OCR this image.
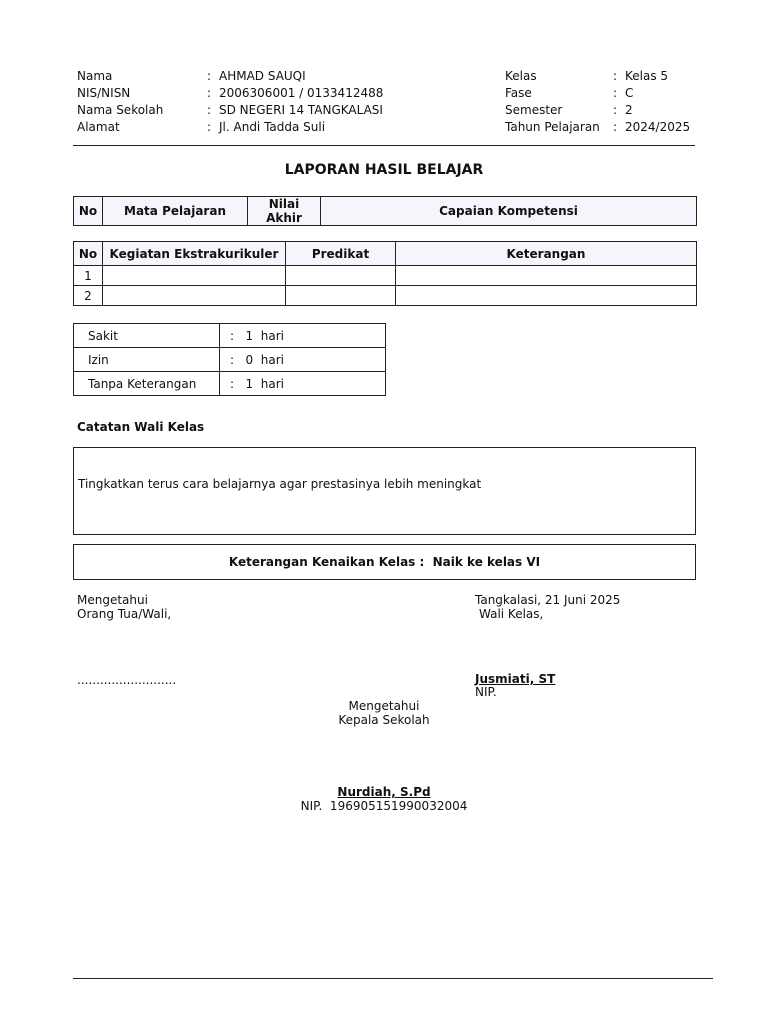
Nama	: AHMAD SAUQI
NIS/NISN	: 2006306001 / 0133412488
Nama Sekolah	: SD NEGERI 14 TANGKALASI
Alamat	: Jl. Andi Tadda Suli
Kelas	: Kelas 5
Fase	: C
Semester	: 2
Tahun Pelajaran : 2024/2025
LAPORAN HASIL BELAJAR
No	Mata Pelajaran	Nilai Akhir	Capaian Kompetensi
No	Kegiatan Ekstrakurikuler	Predikat	Keterangan
1			
2			
Sakit	:   1  hari
Izin	:   0  hari
Tanpa Keterangan	:   1  hari
Catatan Wali Kelas
Tingkatkan terus cara belajarnya agar prestasinya lebih meningkat
Keterangan Kenaikan Kelas :  Naik ke kelas VI
Mengetahui
Orang Tua/Wali,
..........................
Tangkalasi, 21 Juni 2025
Wali Kelas,
Jusmiati, ST
NIP.
Mengetahui
Kepala Sekolah
Nurdiah, S.Pd
NIP.  196905151990032004
